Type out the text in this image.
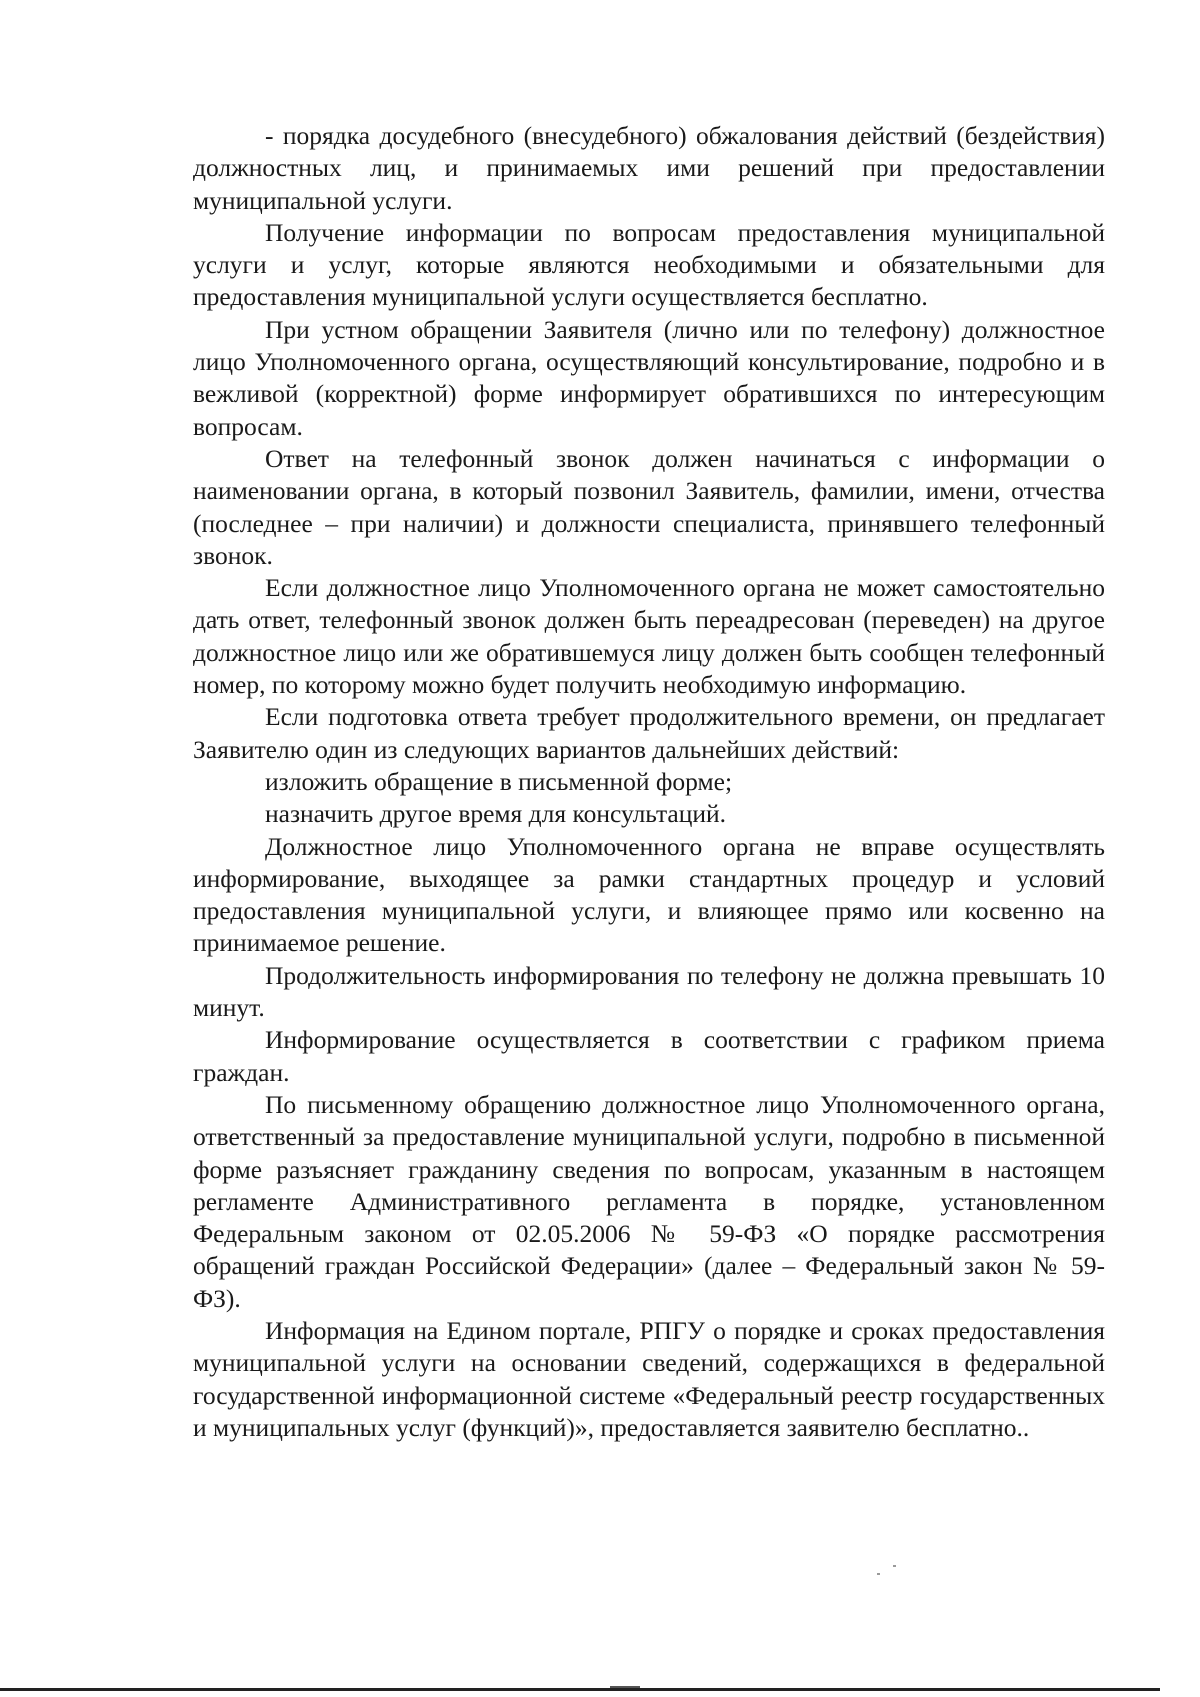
- порядка досудебного (внесудебного) обжалования действий (бездействия) должностных лиц, и принимаемых ими решений при предоставлении муниципальной услуги.

Получение информации по вопросам предоставления муниципальной услуги и услуг, которые являются необходимыми и обязательными для предоставления муниципальной услуги осуществляется бесплатно.

При устном обращении Заявителя (лично или по телефону) должностное лицо Уполномоченного органа, осуществляющий консультирование, подробно и в вежливой (корректной) форме информирует обратившихся по интересующим вопросам.

Ответ на телефонный звонок должен начинаться с информации о наименовании органа, в который позвонил Заявитель, фамилии, имени, отчества (последнее – при наличии) и должности специалиста, принявшего телефонный звонок.

Если должностное лицо Уполномоченного органа не может самостоятельно дать ответ, телефонный звонок должен быть переадресован (переведен) на другое должностное лицо или же обратившемуся лицу должен быть сообщен телефонный номер, по которому можно будет получить необходимую информацию.

Если подготовка ответа требует продолжительного времени, он предлагает Заявителю один из следующих вариантов дальнейших действий:

изложить обращение в письменной форме;

назначить другое время для консультаций.

Должностное лицо Уполномоченного органа не вправе осуществлять информирование, выходящее за рамки стандартных процедур и условий предоставления муниципальной услуги, и влияющее прямо или косвенно на принимаемое решение.

Продолжительность информирования по телефону не должна превышать 10 минут.

Информирование осуществляется в соответствии с графиком приема граждан.

По письменному обращению должностное лицо Уполномоченного органа, ответственный за предоставление муниципальной услуги, подробно в письменной форме разъясняет гражданину сведения по вопросам, указанным в настоящем регламенте Административного регламента в порядке, установленном Федеральным законом от 02.05.2006 № 59-ФЗ «О порядке рассмотрения обращений граждан Российской Федерации» (далее – Федеральный закон № 59-ФЗ).

Информация на Едином портале, РПГУ о порядке и сроках предоставления муниципальной услуги на основании сведений, содержащихся в федеральной государственной информационной системе «Федеральный реестр государственных и муниципальных услуг (функций)», предоставляется заявителю бесплатно..
